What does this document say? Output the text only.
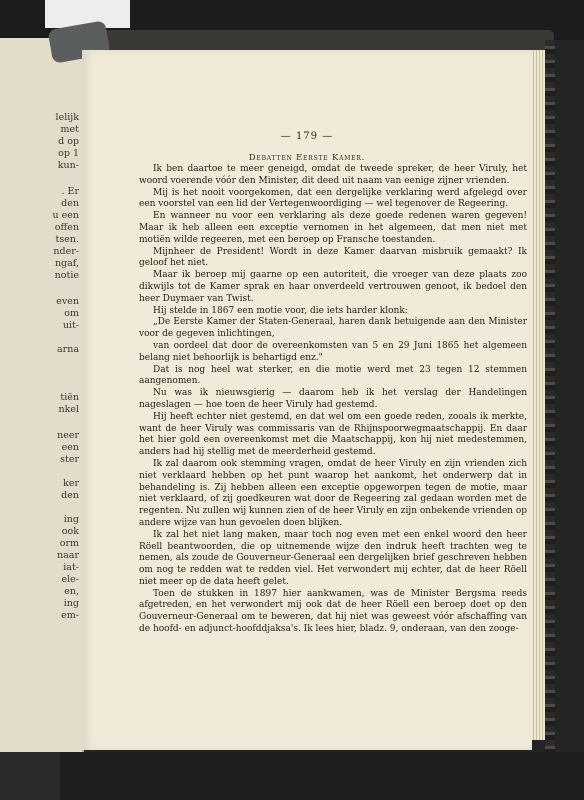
lelijk
met
d op
op 1
kun-
. Er
den
u een
offen
tsen.
nder-
ngaf,
notie
even
om
uit-
arna
tiën
nkel
neer
een
ster
ker
den
ing
ook
orm
naar
iat-
ele-
en,
ing
em-
— 179 —
Debatten Eerste Kamer.

Ik ben daartoe te meer geneigd, omdat de tweede spreker, de heer Viruly, het woord voerende vóór den Minister, dit deed uit naam van eenige zijner vrienden.

Mij is het nooit voorgekomen, dat een dergelijke verklaring werd afgelegd over een voorstel van een lid der Vertegenwoordiging — wel tegenover de Regeering.

En wanneer nu voor een verklaring als deze goede redenen waren gegeven! Maar ik heb alleen een exceptie vernomen in het algemeen, dat men niet met motiën wilde regeeren, met een beroep op Fransche toestanden.

Mijnheer de President! Wordt in deze Kamer daarvan misbruik gemaakt? Ik geloof het niet.

Maar ik beroep mij gaarne op een autoriteit, die vroeger van deze plaats zoo dikwijls tot de Kamer sprak en haar onverdeeld vertrouwen genoot, ik bedoel den heer Duymaer van Twist.

Hij stelde in 1867 een motie voor, die iets harder klonk:

„De Eerste Kamer der Staten-Generaal, haren dank betuigende aan den Minister voor de gegeven inlichtingen,

van oordeel dat door de overeenkomsten van 5 en 29 Juni 1865 het algemeen belang niet behoorlijk is behartigd enz."

Dat is nog heel wat sterker, en die motie werd met 23 tegen 12 stemmen aangenomen.

Nu was ik nieuwsgierig — daarom heb ik het verslag der Handelingen nageslagen — hoe toen de heer Viruly had gestemd.

Hij heeft echter niet gestemd, en dat wel om een goede reden, zooals ik merkte, want de heer Viruly was commissaris van de Rhijnspoorwegmaatschappij. En daar het hier gold een overeenkomst met die Maatschappij, kon hij niet medestemmen, anders had hij stellig met de meerderheid gestemd.

Ik zal daarom ook stemming vragen, omdat de heer Viruly en zijn vrienden zich niet verklaard hebben op het punt waarop het aankomt, het onderwerp dat in behandeling is. Zij hebben alleen een exceptie opgeworpen tegen de motie, maar niet verklaard, of zij goedkeuren wat door de Regeering zal gedaan worden met de regenten. Nu zullen wij kunnen zien of de heer Viruly en zijn onbekende vrienden op andere wijze van hun gevoelen doen blijken.

Ik zal het niet lang maken, maar toch nog even met een enkel woord den heer Röell beantwoorden, die op uitnemende wijze den indruk heeft trachten weg te nemen, als zoude de Gouverneur-Generaal een dergelijken brief geschreven hebben om nog te redden wat te redden viel. Het verwondert mij echter, dat de heer Röell niet meer op de data heeft gelet.

Toen de stukken in 1897 hier aankwamen, was de Minister Bergsma reeds afgetreden, en het verwondert mij ook dat de heer Röell een beroep doet op den Gouverneur-Generaal om te beweren, dat hij niet was geweest vóór afschaffing van de hoofd- en adjunct-hoofddjaksa's. Ik lees hier, bladz. 9, onderaan, van den zooge-
